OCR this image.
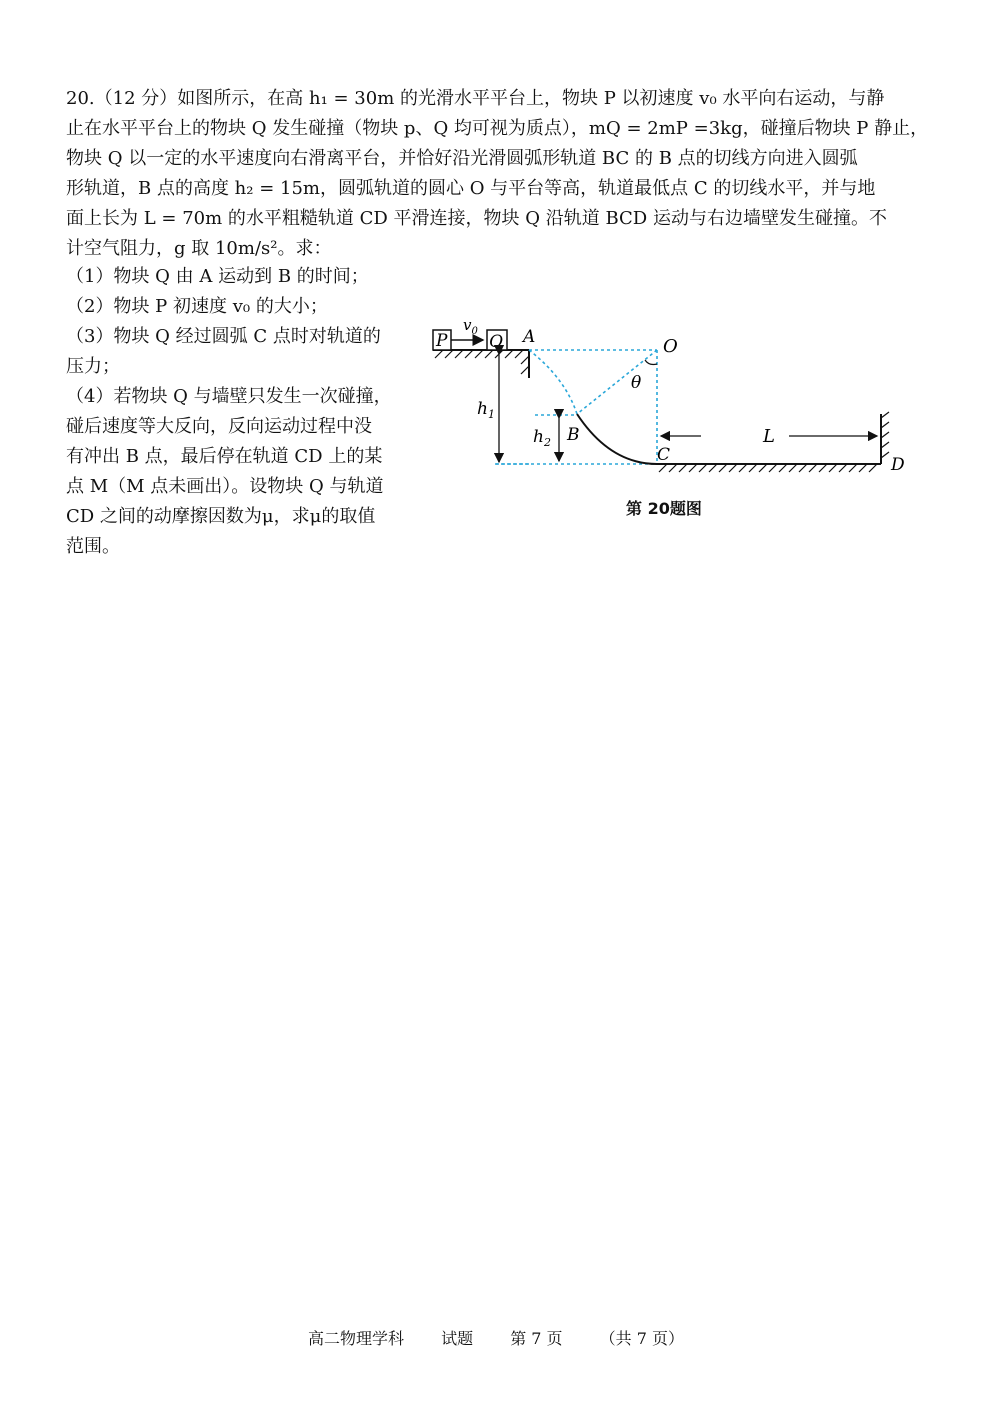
20.（12 分）如图所示，在高 h₁ = 30m 的光滑水平平台上，物块 P 以初速度 v₀ 水平向右运动，与静

止在水平平台上的物块 Q 发生碰撞（物块 p、Q 均可视为质点），mQ = 2mP =3kg，碰撞后物块 P 静止，

物块 Q 以一定的水平速度向右滑离平台，并恰好沿光滑圆弧形轨道 BC 的 B 点的切线方向进入圆弧

形轨道，B 点的高度 h₂ = 15m，圆弧轨道的圆心 O 与平台等高，轨道最低点 C 的切线水平，并与地

面上长为 L = 70m 的水平粗糙轨道 CD 平滑连接，物块 Q 沿轨道 BCD 运动与右边墙壁发生碰撞。不

计空气阻力，g 取 10m/s²。求：

（1）物块 Q 由 A 运动到 B 的时间；

（2）物块 P 初速度 v₀ 的大小；

（3）物块 Q 经过圆弧 C 点时对轨道的

压力；

（4）若物块 Q 与墙壁只发生一次碰撞，

碰后速度等大反向，反向运动过程中没

有冲出 B 点，最后停在轨道 CD 上的某

点 M（M 点未画出）。设物块 Q 与轨道

CD 之间的动摩擦因数为μ，求μ的取值

范围。

P
$v_0$
Q A	O
θ
$h_1$
$h_2$ B
C	D
L
第 20题图
高二物理学科 试题 第 7 页 （共 7 页）
